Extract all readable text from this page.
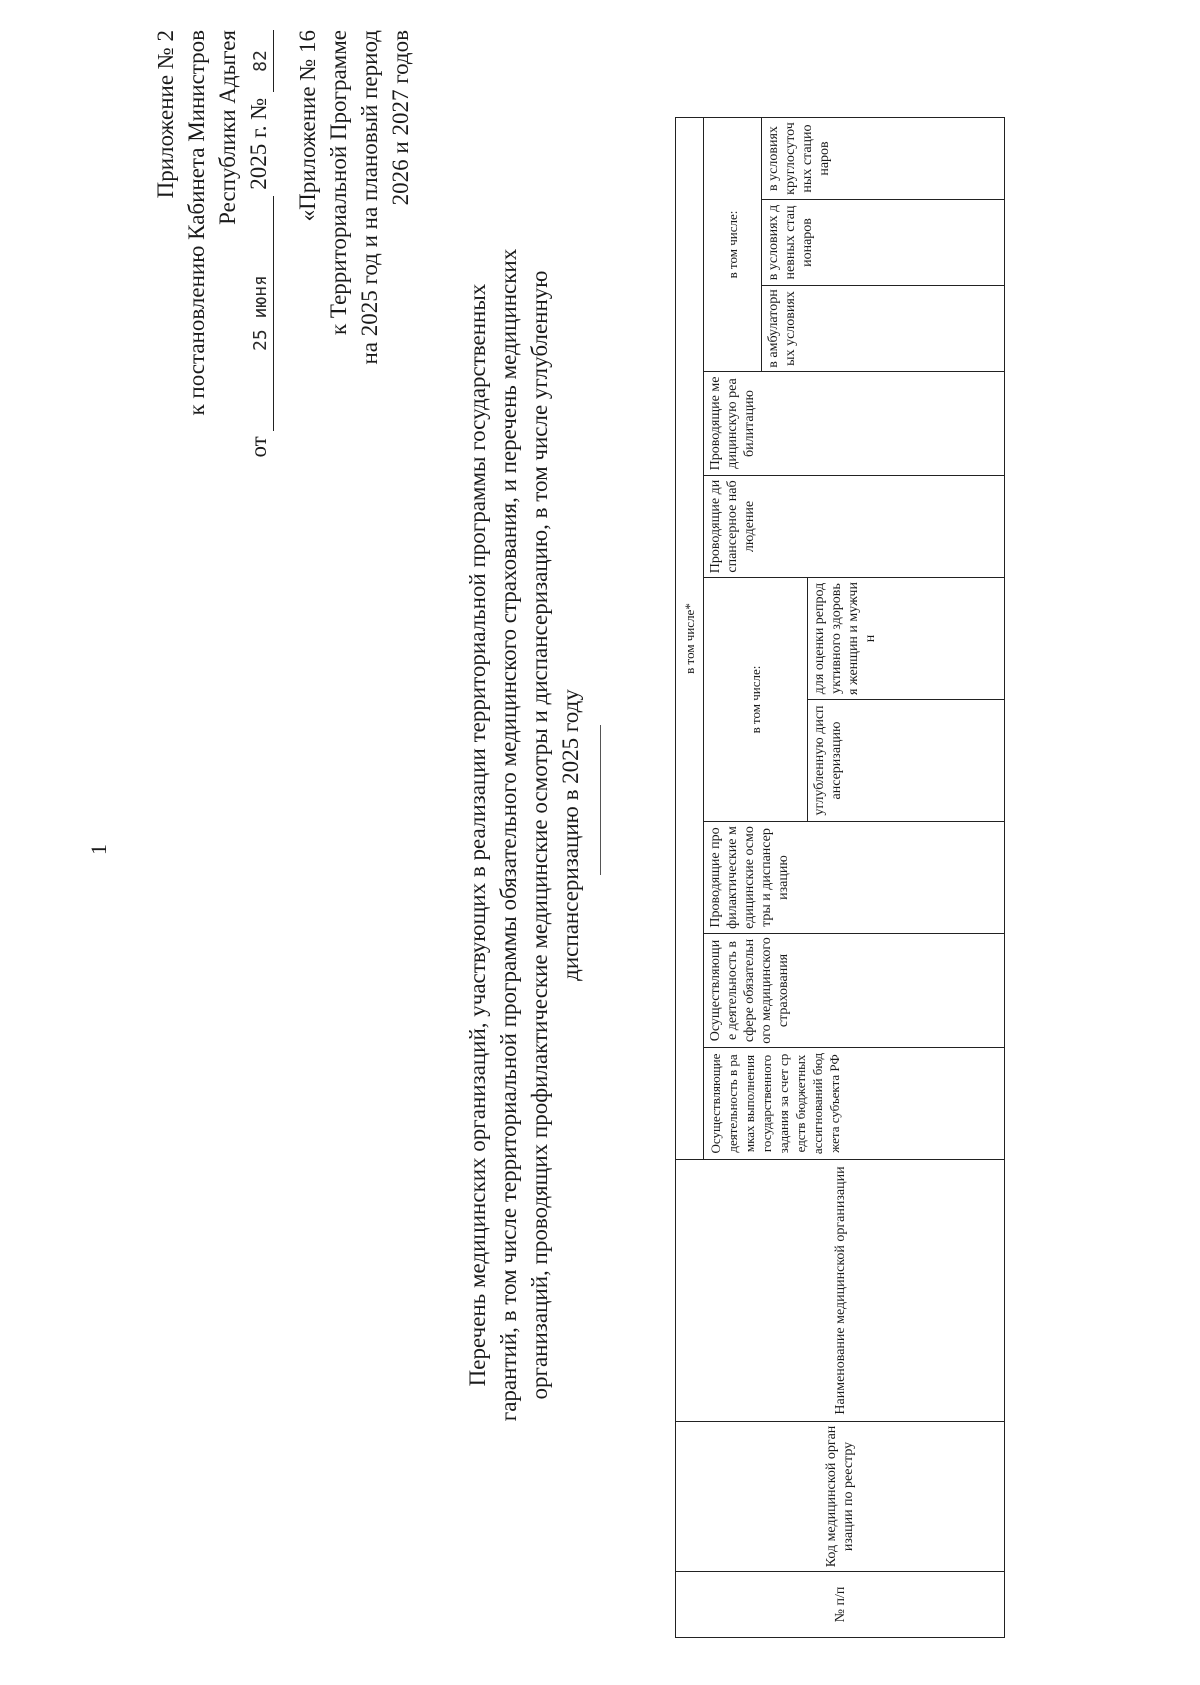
1
Приложение № 2 к постановлению Кабинета Министров Республики Адыгея
от 25 июня 2025 г. № 82 «Приложение № 16 к Территориальной Программе на 2025 год и на плановый период 2026 и 2027 годов
Перечень медицинских организаций, участвующих в реализации территориальной программы государственных гарантий, в том числе территориальной программы обязательного медицинского страхования, и перечень медицинских организаций, проводящих профилактические медицинские осмотры и диспансеризацию, в том числе углубленную диспансеризацию в 2025 году
№ п/п	Код медицинской организации по реестру	Наименование медицинской организации	в том числе*									
			Осуществляющие деятельность в рамках выполнения государственного задания за счет средств бюджетных ассигнований бюджета субъекта РФ	Осуществляющие деятельность в сфере обязательного медицинского страхования	Проводящие профилактические медицинские осмотры и диспансеризацию	в том числе:		Проводящие диспансерное наблюдение	Проводящие медицинскую реабилитацию	в том числе:		
										в амбулаторных условиях	в условиях дневных стационаров	в условиях круглосуточных стационаров
						углубленную диспансеризацию	для оценки репродуктивного здоровья женщин и мужчин					
